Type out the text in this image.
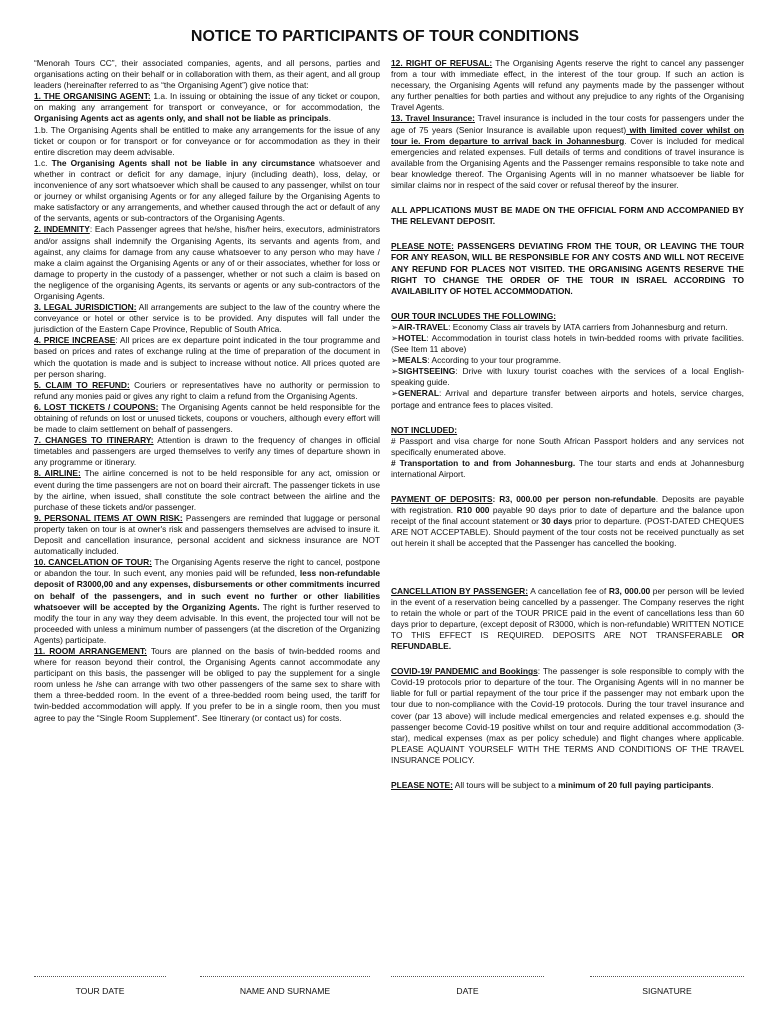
NOTICE TO PARTICIPANTS OF TOUR CONDITIONS

“Menorah Tours CC”, their associated companies, agents, and all persons, parties and organisations acting on their behalf or in collaboration with them, as their agent, and all group leaders (hereinafter referred to as “the Organising Agent”) give notice that:

1. THE ORGANISING AGENT: 1.a. In issuing or obtaining the issue of any ticket or coupon, on making any arrangement for transport or conveyance, or for accommodation, the Organising Agents act as agents only, and shall not be liable as principals.

1.b. The Organising Agents shall be entitled to make any arrangements for the issue of any ticket or coupon or for transport or for conveyance or for accommodation as they in their entire discretion may deem advisable.

1.c. The Organising Agents shall not be liable in any circumstance whatsoever and whether in contract or deficit for any damage, injury (including death), loss, delay, or inconvenience of any sort whatsoever which shall be caused to any passenger, whilst on tour or journey or whilst organising Agents or for any alleged failure by the Organising Agents to make satisfactory or any arrangements, and whether caused through the act or default of any of the servants, agents or sub-contractors of the Organising Agents.

2. INDEMNITY: Each Passenger agrees that he/she, his/her heirs, executors, administrators and/or assigns shall indemnify the Organising Agents, its servants and agents from, and against, any claims for damage from any cause whatsoever to any person who may have / make a claim against the Organising Agents or any of or their associates, whether for loss or damage to property in the custody of a passenger, whether or not such a claim is based on the negligence of the organising Agents, its servants or agents or any sub-contractors of the Organising Agents.

3. LEGAL JURISDICTION: All arrangements are subject to the law of the country where the conveyance or hotel or other service is to be provided. Any disputes will fall under the jurisdiction of the Eastern Cape Province, Republic of South Africa.

4. PRICE INCREASE: All prices are ex departure point indicated in the tour programme and based on prices and rates of exchange ruling at the time of preparation of the document in which the quotation is made and is subject to increase without notice. All prices quoted are per person sharing.

5. CLAIM TO REFUND: Couriers or representatives have no authority or permission to refund any monies paid or gives any right to claim a refund from the Organising Agents.

6. LOST TICKETS / COUPONS: The Organising Agents cannot be held responsible for the obtaining of refunds on lost or unused tickets, coupons or vouchers, although every effort will be made to claim settlement on behalf of passengers.

7. CHANGES TO ITINERARY: Attention is drawn to the frequency of changes in official timetables and passengers are urged themselves to verify any times of departure shown in any programme or itinerary.

8. AIRLINE: The airline concerned is not to be held responsible for any act, omission or event during the time passengers are not on board their aircraft. The passenger tickets in use by the airline, when issued, shall constitute the sole contract between the airline and the purchase of these tickets and/or passenger.

9. PERSONAL ITEMS AT OWN RISK: Passengers are reminded that luggage or personal property taken on tour is at owner's risk and passengers themselves are advised to insure it. Deposit and cancellation insurance, personal accident and sickness insurance are NOT automatically included.

10. CANCELATION OF TOUR: The Organising Agents reserve the right to cancel, postpone or abandon the tour. In such event, any monies paid will be refunded, less non-refundable deposit of R3000,00 and any expenses, disbursements or other commitments incurred on behalf of the passengers, and in such event no further or other liabilities whatsoever will be accepted by the Organizing Agents. The right is further reserved to modify the tour in any way they deem advisable. In this event, the projected tour will not be proceeded with unless a minimum number of passengers (at the discretion of the Organizing Agents) participate.

11. ROOM ARRANGEMENT: Tours are planned on the basis of twin-bedded rooms and where for reason beyond their control, the Organising Agents cannot accommodate any participant on this basis, the passenger will be obliged to pay the supplement for a single room unless he /she can arrange with two other passengers of the same sex to share with them a three-bedded room. In the event of a three-bedded room being used, the tariff for twin-bedded accommodation will apply. If you prefer to be in a single room, then you must agree to pay the “Single Room Supplement”. See Itinerary (or contact us) for costs.

12. RIGHT OF REFUSAL: The Organising Agents reserve the right to cancel any passenger from a tour with immediate effect, in the interest of the tour group. If such an action is necessary, the Organising Agents will refund any payments made by the passenger without any further penalties for both parties and without any prejudice to any rights of the Organising Travel Agents.

13. Travel Insurance: Travel insurance is included in the tour costs for passengers under the age of 75 years (Senior Insurance is available upon request) with limited cover whilst on tour ie. From departure to arrival back in Johannesburg. Cover is included for medical emergencies and related expenses. Full details of terms and conditions of travel insurance is available from the Organising Agents and the Passenger remains responsible to take note and bear knowledge thereof. The Organising Agents will in no manner whatsoever be liable for similar claims nor in respect of the said cover or refusal thereof by the insurer.

ALL APPLICATIONS MUST BE MADE ON THE OFFICIAL FORM AND ACCOMPANIED BY THE RELEVANT DEPOSIT.

PLEASE NOTE: PASSENGERS DEVIATING FROM THE TOUR, OR LEAVING THE TOUR FOR ANY REASON, WILL BE RESPONSIBLE FOR ANY COSTS AND WILL NOT RECEIVE ANY REFUND FOR PLACES NOT VISITED. THE ORGANISING AGENTS RESERVE THE RIGHT TO CHANGE THE ORDER OF THE TOUR IN ISRAEL ACCORDING TO AVAILABILITY OF HOTEL ACCOMMODATION.

OUR TOUR INCLUDES THE FOLLOWING:

➢ AIR-TRAVEL: Economy Class air travels by IATA carriers from Johannesburg and return.

➢ HOTEL: Accommodation in tourist class hotels in twin-bedded rooms with private facilities. (See Item 11 above)

➢ MEALS: According to your tour programme.

➢ SIGHTSEEING: Drive with luxury tourist coaches with the services of a local English-speaking guide.

➢ GENERAL: Arrival and departure transfer between airports and hotels, service charges, portage and entrance fees to places visited.

NOT INCLUDED:

# Passport and visa charge for none South African Passport holders and any services not specifically enumerated above.

# Transportation to and from Johannesburg. The tour starts and ends at Johannesburg international Airport.

PAYMENT OF DEPOSITS: R3, 000.00 per person non-refundable. Deposits are payable with registration. R10 000 payable 90 days prior to date of departure and the balance upon receipt of the final account statement or 30 days prior to departure. (POST-DATED CHEQUES ARE NOT ACCEPTABLE). Should payment of the tour costs not be received punctually as set out herein it shall be accepted that the Passenger has cancelled the booking.

CANCELLATION BY PASSENGER: A cancellation fee of R3, 000.00 per person will be levied in the event of a reservation being cancelled by a passenger. The Company reserves the right to retain the whole or part of the TOUR PRICE paid in the event of cancellations less than 60 days prior to departure, (except deposit of R3000, which is non-refundable) WRITTEN NOTICE TO THIS EFFECT IS REQUIRED. DEPOSITS ARE NOT TRANSFERABLE OR REFUNDABLE.

COVID-19/ PANDEMIC and Bookings: The passenger is sole responsible to comply with the Covid-19 protocols prior to departure of the tour. The Organising Agents will in no manner be liable for full or partial repayment of the tour price if the passenger may not embark upon the tour due to non-compliance with the Covid-19 protocols. During the tour travel insurance and cover (par 13 above) will include medical emergencies and related expenses e.g. should the passenger become Covid-19 positive whilst on tour and require additional accommodation (3-star), medical expenses (max as per policy schedule) and flight changes where applicable. PLEASE AQUAINT YOURSELF WITH THE TERMS AND CONDITIONS OF THE TRAVEL INSURANCE POLICY.

PLEASE NOTE: All tours will be subject to a minimum of 20 full paying participants.

TOUR DATE	NAME AND SURNAME	DATE	SIGNATURE
